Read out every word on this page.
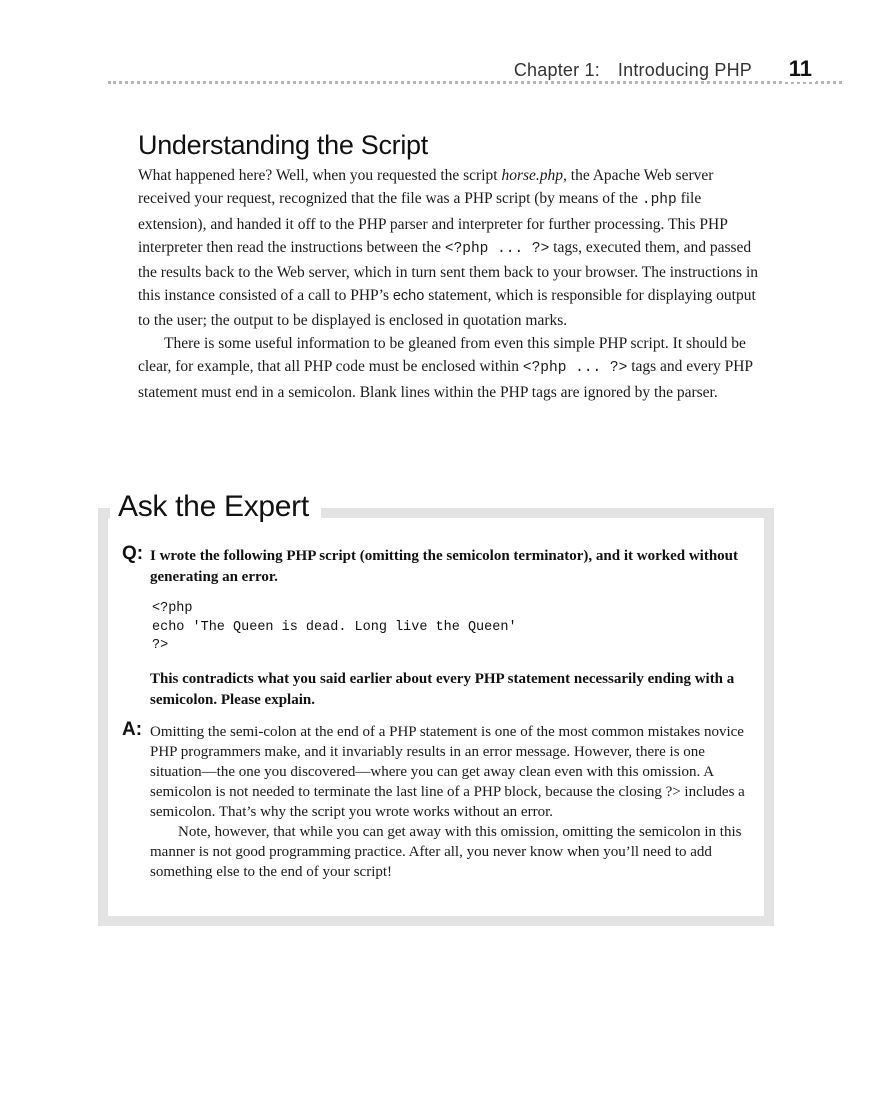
Chapter 1: Introducing PHP 11
Understanding the Script

What happened here? Well, when you requested the script horse.php, the Apache Web server received your request, recognized that the file was a PHP script (by means of the .php file extension), and handed it off to the PHP parser and interpreter for further processing. This PHP interpreter then read the instructions between the <?php ... ?> tags, executed them, and passed the results back to the Web server, which in turn sent them back to your browser. The instructions in this instance consisted of a call to PHP’s echo statement, which is responsible for displaying output to the user; the output to be displayed is enclosed in quotation marks.

There is some useful information to be gleaned from even this simple PHP script. It should be clear, for example, that all PHP code must be enclosed within <?php ... ?> tags and every PHP statement must end in a semicolon. Blank lines within the PHP tags are ignored by the parser.

Ask the Expert
Q: I wrote the following PHP script (omitting the semicolon terminator), and it worked without generating an error.
<?php
echo 'The Queen is dead. Long live the Queen'
?>
This contradicts what you said earlier about every PHP statement necessarily ending with a semicolon. Please explain.
A: Omitting the semi-colon at the end of a PHP statement is one of the most common mistakes novice PHP programmers make, and it invariably results in an error message. However, there is one situation—the one you discovered—where you can get away clean even with this omission. A semicolon is not needed to terminate the last line of a PHP block, because the closing ?> includes a semicolon. That’s why the script you wrote works without an error.

Note, however, that while you can get away with this omission, omitting the semicolon in this manner is not good programming practice. After all, you never know when you’ll need to add something else to the end of your script!
